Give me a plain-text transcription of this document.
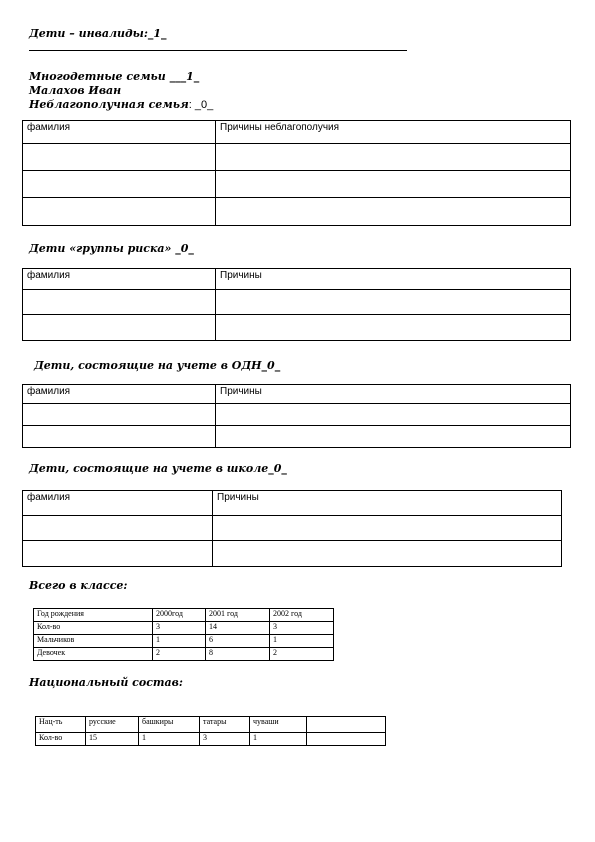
Дети – инвалиды:_1_
Многодетные семьи ___1_
Малахов Иван
Неблагополучная семья: _0_
фамилия	Причины неблагополучия

Дети «группы риска» _0_
фамилия	Причины

Дети, состоящие на учете в ОДН_0_
фамилия	Причины

Дети, состоящие на учете в школе_0_
фамилия	Причины

Всего в классе:
Год рождения	2000год	2001 год	2002 год
Кол-во	3	14	3
Мальчиков	1	6	1
Девочек	2	8	2
Национальный состав:
Нац-ть	русские	башкиры	татары	чуваши	
Кол-во	15	1	3	1	
